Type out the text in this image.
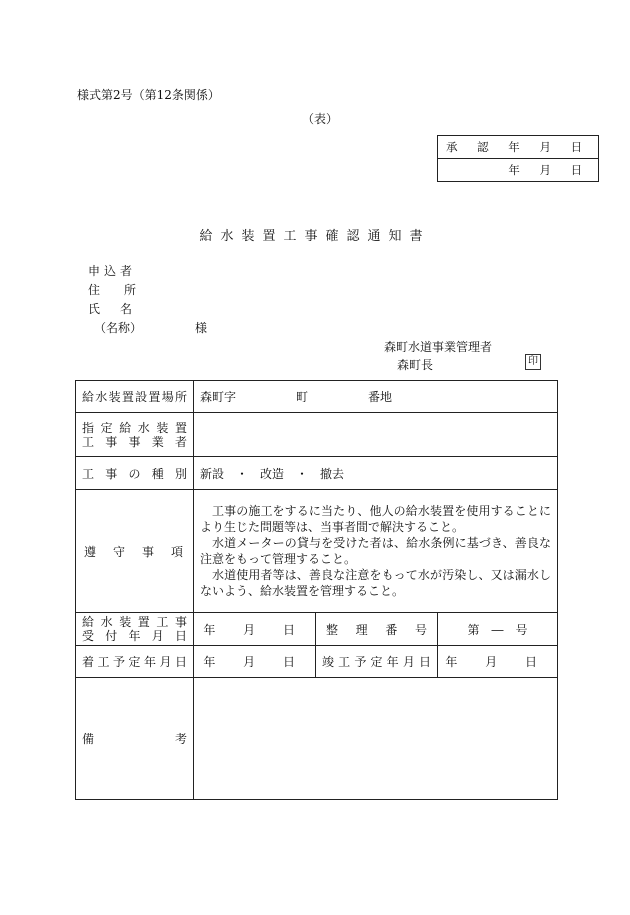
様式第2号（第12条関係）
（表）
承 認 年 月 日
年 月 日
給水装置工事確認通知書
申込者
住 所
氏 名
（名称）	様
森町水道事業管理者
森町長	印
給水装置設置場所	森町字　　　　　町　　　　　番地		

指定給水装置
工事事業者			

工事の種別	新設　・　改造　・　撤去		
遵守事項	工事の施工をするに当たり、他人の給水装置を使用することにより生じた問題等は、当事者間で解決すること。

水道メーターの貸与を受けた者は、給水条例に基づき、善良な注意をもって管理すること。

水道使用者等は、善良な注意をもって水が汚染し、又は漏水しないよう、給水装置を管理すること。		

給水装置工事
受付年月日	年 月 日	整理番号	第　―　号
着工予定年月日	年 月 日	竣工予定年月日	年 月 日
備考			
